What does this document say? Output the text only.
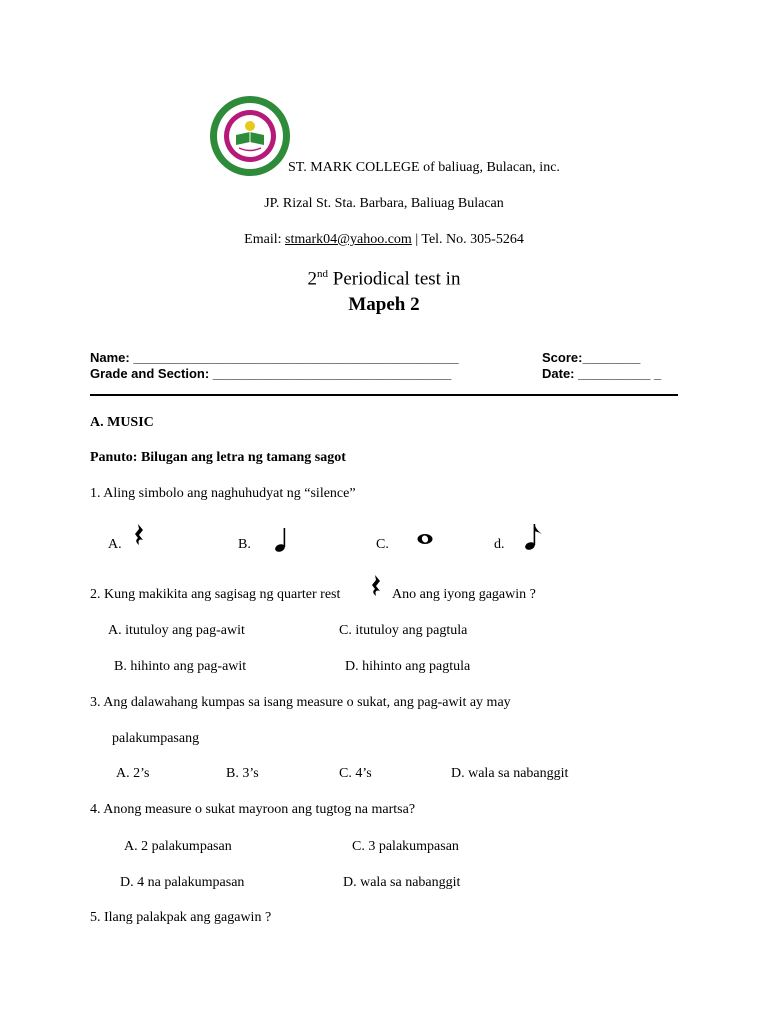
ST. MARK COLLEGE of baliuag, Bulacan, inc.
JP. Rizal St. Sta. Barbara, Baliuag Bulacan
Email: stmark04@yahoo.com | Tel. No. 305-5264
2nd Periodical test in
Mapeh 2
Name: _____________________________________________	Score:________
Grade and Section: _________________________________	Date: __________ _
A. MUSIC
Panuto: Bilugan ang letra ng tamang sagot
1. Aling simbolo ang naghuhudyat ng “silence”
A.	B.	C.	d.
2. Kung makikita ang sagisag ng quarter rest	Ano ang iyong gagawin ?
A. itutuloy ang pag-awit	C. itutuloy ang pagtula
B. hihinto ang pag-awit	D. hihinto ang pagtula
3. Ang dalawahang kumpas sa isang measure o sukat, ang pag-awit ay may
palakumpasang
A. 2’s	B. 3’s	C. 4’s	D. wala sa nabanggit
4. Anong measure o sukat mayroon ang tugtog na martsa?
A. 2 palakumpasan	C. 3 palakumpasan
D. 4 na palakumpasan	D. wala sa nabanggit
5. Ilang palakpak ang gagawin ?
